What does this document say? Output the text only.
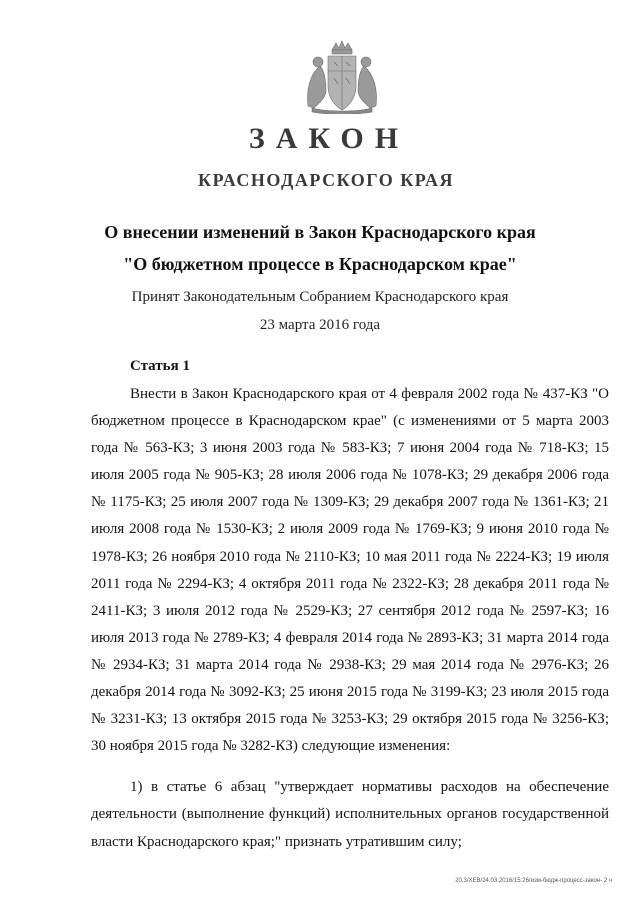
ЗАКОН
КРАСНОДАРСКОГО КРАЯ
О внесении изменений в Закон Краснодарского края
"О бюджетном процессе в Краснодарском крае"
Принят Законодательным Собранием Краснодарского края
23 марта 2016 года
Статья 1

Внести в Закон Краснодарского края от 4 февраля 2002 года № 437-КЗ "О бюджетном процессе в Краснодарском крае" (с изменениями от 5 марта 2003 года № 563-КЗ; 3 июня 2003 года № 583-КЗ; 7 июня 2004 года № 718-КЗ; 15 июля 2005 года № 905-КЗ; 28 июля 2006 года № 1078-КЗ; 29 декабря 2006 года № 1175-КЗ; 25 июля 2007 года № 1309-КЗ; 29 декабря 2007 года № 1361-КЗ; 21 июля 2008 года № 1530-КЗ; 2 июля 2009 года № 1769-КЗ; 9 июня 2010 года № 1978-КЗ; 26 ноября 2010 года № 2110-КЗ; 10 мая 2011 года № 2224-КЗ; 19 июля 2011 года № 2294-КЗ; 4 октября 2011 года № 2322-КЗ; 28 декабря 2011 года № 2411-КЗ; 3 июля 2012 года № 2529-КЗ; 27 сентября 2012 года № 2597-КЗ; 16 июля 2013 года № 2789-КЗ; 4 февраля 2014 года № 2893-КЗ; 31 марта 2014 года № 2934-КЗ; 31 марта 2014 года № 2938-КЗ; 29 мая 2014 года № 2976-КЗ; 26 декабря 2014 года № 3092-КЗ; 25 июня 2015 года № 3199-КЗ; 23 июля 2015 года № 3231-КЗ; 13 октября 2015 года № 3253-КЗ; 29 октября 2015 года № 3256-КЗ; 30 ноября 2015 года № 3282-КЗ) следующие изменения:

1) в статье 6 абзац "утверждает нормативы расходов на обеспечение деятельности (выполнение функций) исполнительных органов государственной власти Краснодарского края;" признать утратившим силу;

20.3/ХЕВ/24.03.2016/15:26/изм-бюдж-процесс-закон- 2 ч
